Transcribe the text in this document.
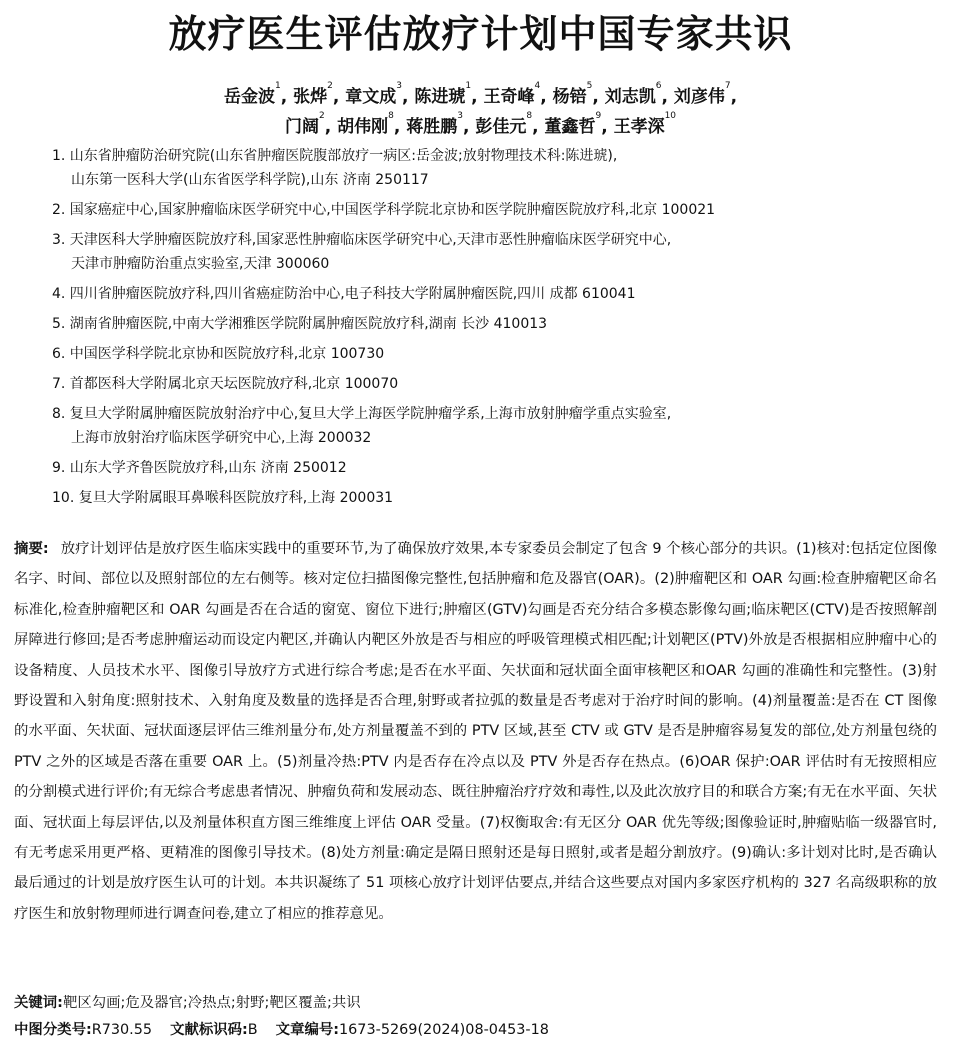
放疗医生评估放疗计划中国专家共识
岳金波$^1$, 张烨$^2$, 章文成$^3$, 陈进琥$^1$, 王奇峰$^4$, 杨锫$^5$, 刘志凯$^6$, 刘彦伟$^7$,
门阔$^2$, 胡伟刚$^8$, 蒋胜鹏$^3$, 彭佳元$^8$, 董鑫哲$^9$, 王孝深$^{10}$
1. 山东省肿瘤防治研究院(山东省肿瘤医院腹部放疗一病区:岳金波;放射物理技术科:陈进琥),
山东第一医科大学(山东省医学科学院),山东 济南 250117
2. 国家癌症中心,国家肿瘤临床医学研究中心,中国医学科学院北京协和医学院肿瘤医院放疗科,北京 100021
3. 天津医科大学肿瘤医院放疗科,国家恶性肿瘤临床医学研究中心,天津市恶性肿瘤临床医学研究中心,
天津市肿瘤防治重点实验室,天津 300060
4. 四川省肿瘤医院放疗科,四川省癌症防治中心,电子科技大学附属肿瘤医院,四川 成都 610041
5. 湖南省肿瘤医院,中南大学湘雅医学院附属肿瘤医院放疗科,湖南 长沙 410013
6. 中国医学科学院北京协和医院放疗科,北京 100730
7. 首都医科大学附属北京天坛医院放疗科,北京 100070
8. 复旦大学附属肿瘤医院放射治疗中心,复旦大学上海医学院肿瘤学系,上海市放射肿瘤学重点实验室,
上海市放射治疗临床医学研究中心,上海 200032
9. 山东大学齐鲁医院放疗科,山东 济南 250012
10. 复旦大学附属眼耳鼻喉科医院放疗科,上海 200031
摘要: 放疗计划评估是放疗医生临床实践中的重要环节,为了确保放疗效果,本专家委员会制定了包含 9 个核心部分的共识。(1)核对:包括定位图像名字、时间、部位以及照射部位的左右侧等。核对定位扫描图像完整性,包括肿瘤和危及器官(OAR)。(2)肿瘤靶区和 OAR 勾画:检查肿瘤靶区命名标准化,检查肿瘤靶区和 OAR 勾画是否在合适的窗宽、窗位下进行;肿瘤区(GTV)勾画是否充分结合多模态影像勾画;临床靶区(CTV)是否按照解剖屏障进行修回;是否考虑肿瘤运动而设定内靶区,并确认内靶区外放是否与相应的呼吸管理模式相匹配;计划靶区(PTV)外放是否根据相应肿瘤中心的设备精度、人员技术水平、图像引导放疗方式进行综合考虑;是否在水平面、矢状面和冠状面全面审核靶区和OAR 勾画的准确性和完整性。(3)射野设置和入射角度:照射技术、入射角度及数量的选择是否合理,射野或者拉弧的数量是否考虑对于治疗时间的影响。(4)剂量覆盖:是否在 CT 图像的水平面、矢状面、冠状面逐层评估三维剂量分布,处方剂量覆盖不到的 PTV 区域,甚至 CTV 或 GTV 是否是肿瘤容易复发的部位,处方剂量包绕的 PTV 之外的区域是否落在重要 OAR 上。(5)剂量冷热:PTV 内是否存在冷点以及 PTV 外是否存在热点。(6)OAR 保护:OAR 评估时有无按照相应的分割模式进行评价;有无综合考虑患者情况、肿瘤负荷和发展动态、既往肿瘤治疗疗效和毒性,以及此次放疗目的和联合方案;有无在水平面、矢状面、冠状面上每层评估,以及剂量体积直方图三维维度上评估 OAR 受量。(7)权衡取舍:有无区分 OAR 优先等级;图像验证时,肿瘤贴临一级器官时,有无考虑采用更严格、更精准的图像引导技术。(8)处方剂量:确定是隔日照射还是每日照射,或者是超分割放疗。(9)确认:多计划对比时,是否确认最后通过的计划是放疗医生认可的计划。本共识凝练了 51 项核心放疗计划评估要点,并结合这些要点对国内多家医疗机构的 327 名高级职称的放疗医生和放射物理师进行调查问卷,建立了相应的推荐意见。
关键词:靶区勾画;危及器官;冷热点;射野;靶区覆盖;共识
中图分类号:R730.55 文献标识码:B 文章编号:1673-5269(2024)08-0453-18
